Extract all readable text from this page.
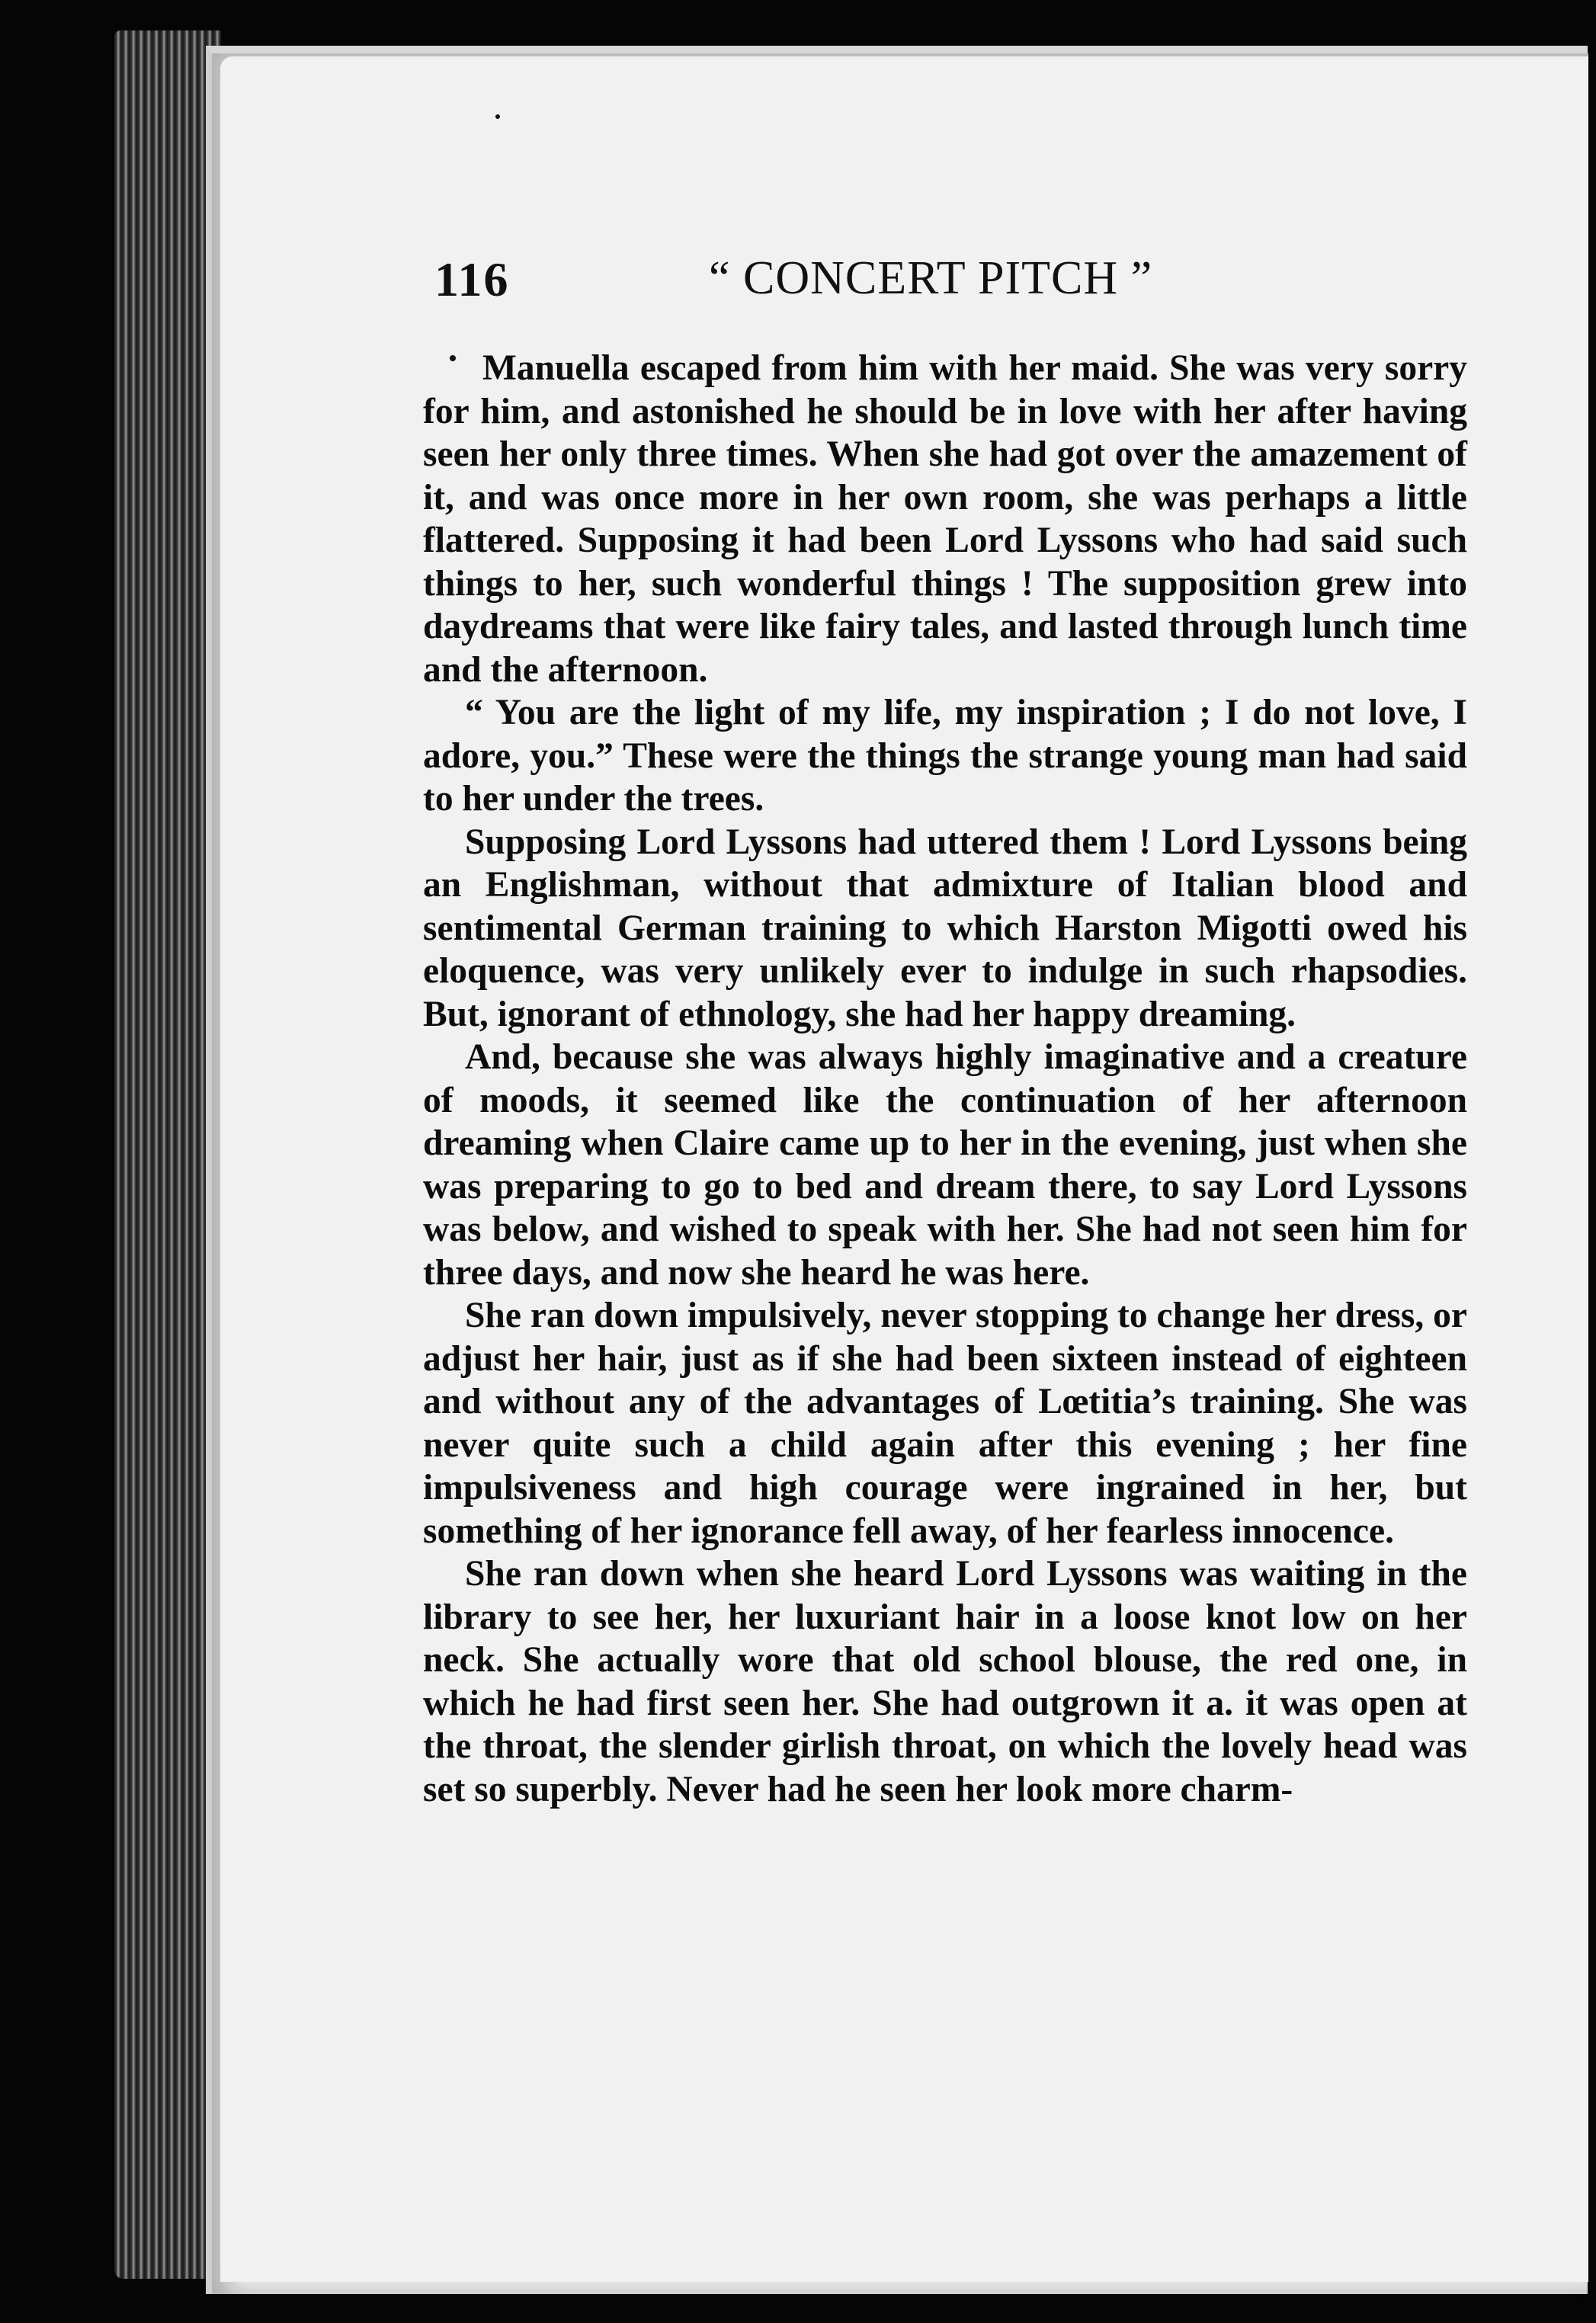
116	“ CONCERT PITCH ”

Manuella escaped from him with her maid. She was very sorry for him, and astonished he should be in love with her after having seen her only three times. When she had got over the amazement of it, and was once more in her own room, she was perhaps a little flattered. Supposing it had been Lord Lyssons who had said such things to her, such wonderful things ! The supposition grew into daydreams that were like fairy tales, and lasted through lunch time and the afternoon.

“ You are the light of my life, my inspiration ; I do not love, I adore, you.” These were the things the strange young man had said to her under the trees.

Supposing Lord Lyssons had uttered them ! Lord Lyssons being an Englishman, without that admixture of Italian blood and sentimental German training to which Harston Migotti owed his eloquence, was very unlikely ever to indulge in such rhapsodies. But, ignorant of ethnology, she had her happy dreaming.

And, because she was always highly imaginative and a creature of moods, it seemed like the continuation of her afternoon dreaming when Claire came up to her in the evening, just when she was preparing to go to bed and dream there, to say Lord Lyssons was below, and wished to speak with her. She had not seen him for three days, and now she heard he was here.

She ran down impulsively, never stopping to change her dress, or adjust her hair, just as if she had been sixteen instead of eighteen and without any of the advantages of Lœtitia’s training. She was never quite such a child again after this evening ; her fine impulsiveness and high courage were ingrained in her, but something of her ignorance fell away, of her fearless innocence.

She ran down when she heard Lord Lyssons was waiting in the library to see her, her luxuriant hair in a loose knot low on her neck. She actually wore that old school blouse, the red one, in which he had first seen her. She had outgrown it a. it was open at the throat, the slender girlish throat, on which the lovely head was set so superbly. Never had he seen her look more charm-
